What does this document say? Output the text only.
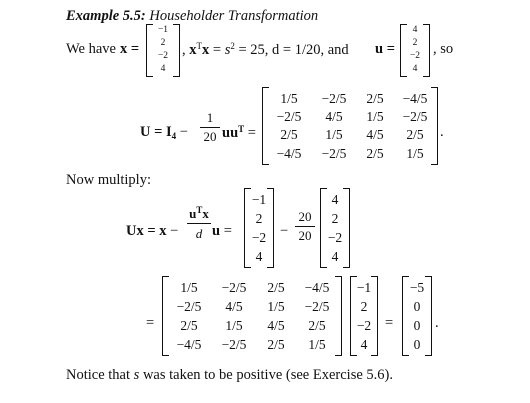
Example 5.5: Householder Transformation
We have x =
−1
2
−2
4
, $x^Tx = s^2 = 25$, d = 1/20, and u =
4
2
−2
4
, so
$U = I_4$ −
1
20 $uu^T$ =
1/5	−2/5	2/5	−4/5
−2/5	4/5	1/5	−2/5
2/5	1/5	4/5	2/5
−4/5	−2/5	2/5	1/5
.
Now multiply:
Ux = x −
$u^Tx$
d u =
−1
2
−2
4
−
20
20
4
2
−2
4
=
1/5	−2/5	2/5	−4/5
−2/5	4/5	1/5	−2/5
2/5	1/5	4/5	2/5
−4/5	−2/5	2/5	1/5
−1
2
−2
4
=
−5
0
0
0
.
Notice that s was taken to be positive (see Exercise 5.6).
